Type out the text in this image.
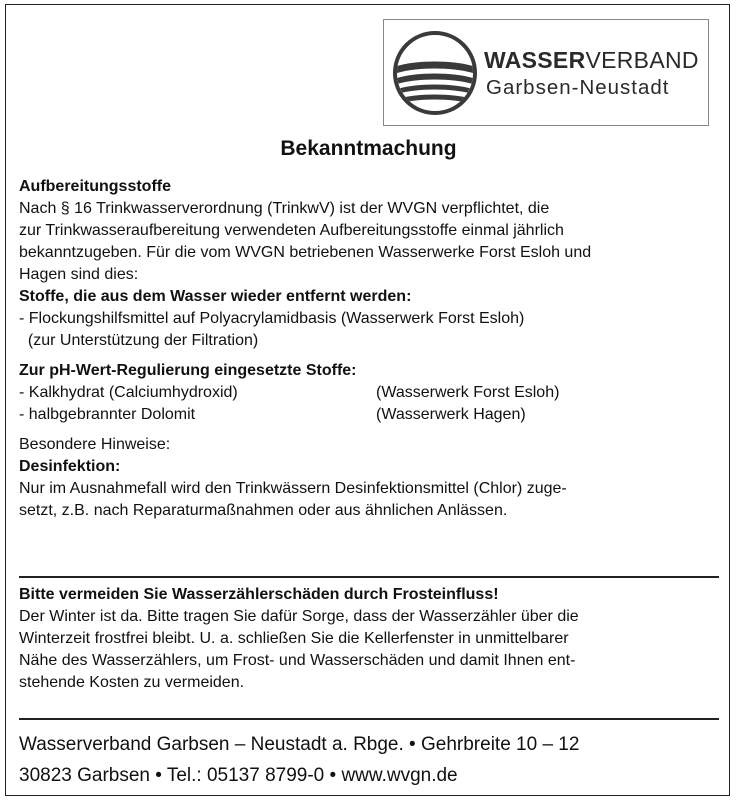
WASSERVERBAND
Garbsen-Neustadt
Bekanntmachung

Aufbereitungsstoffe

Nach § 16 Trinkwasserverordnung (TrinkwV) ist der WVGN verpflichtet, die

zur Trinkwasseraufbereitung verwendeten Aufbereitungsstoffe einmal jährlich

bekanntzugeben. Für die vom WVGN betriebenen Wasserwerke Forst Esloh und

Hagen sind dies:

Stoffe, die aus dem Wasser wieder entfernt werden:

- Flockungshilfsmittel auf Polyacrylamidbasis (Wasserwerk Forst Esloh)

(zur Unterstützung der Filtration)

Zur pH-Wert-Regulierung eingesetzte Stoffe:

- Kalkhydrat (Calciumhydroxid)	(Wasserwerk Forst Esloh)
- halbgebrannter Dolomit	(Wasserwerk Hagen)

Besondere Hinweise:

Desinfektion:

Nur im Ausnahmefall wird den Trinkwässern Desinfektionsmittel (Chlor) zuge-

setzt, z.B. nach Reparaturmaßnahmen oder aus ähnlichen Anlässen.

Bitte vermeiden Sie Wasserzählerschäden durch Frosteinfluss!

Der Winter ist da. Bitte tragen Sie dafür Sorge, dass der Wasserzähler über die

Winterzeit frostfrei bleibt. U. a. schließen Sie die Kellerfenster in unmittelbarer

Nähe des Wasserzählers, um Frost- und Wasserschäden und damit Ihnen ent-

stehende Kosten zu vermeiden.

Wasserverband Garbsen – Neustadt a. Rbge. • Gehrbreite 10 – 12

30823 Garbsen • Tel.: 05137 8799-0 • www.wvgn.de
